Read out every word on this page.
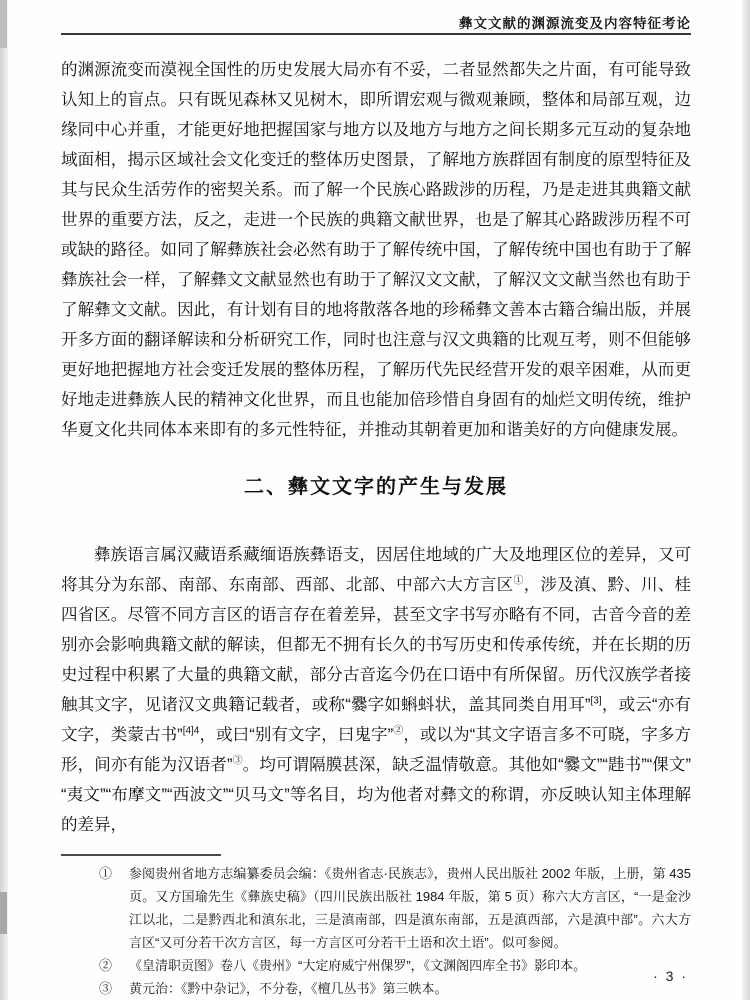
彝文文献的渊源流变及内容特征考论

的渊源流变而漠视全国性的历史发展大局亦有不妥，二者显然都失之片面，有可能导致认知上的盲点。只有既见森林又见树木，即所谓宏观与微观兼顾，整体和局部互观，边缘同中心并重，才能更好地把握国家与地方以及地方与地方之间长期多元互动的复杂地域面相，揭示区域社会文化变迁的整体历史图景，了解地方族群固有制度的原型特征及其与民众生活劳作的密契关系。而了解一个民族心路跋涉的历程，乃是走进其典籍文献世界的重要方法，反之，走进一个民族的典籍文献世界，也是了解其心路跋涉历程不可或缺的路径。如同了解彝族社会必然有助于了解传统中国，了解传统中国也有助于了解彝族社会一样，了解彝文文献显然也有助于了解汉文文献，了解汉文文献当然也有助于了解彝文文献。因此，有计划有目的地将散落各地的珍稀彝文善本古籍合编出版，并展开多方面的翻译解读和分析研究工作，同时也注意与汉文典籍的比观互考，则不但能够更好地把握地方社会变迁发展的整体历程，了解历代先民经营开发的艰辛困难，从而更好地走进彝族人民的精神文化世界，而且也能加倍珍惜自身固有的灿烂文明传统，维护华夏文化共同体本来即有的多元性特征，并推动其朝着更加和谐美好的方向健康发展。

二、彝文文字的产生与发展

彝族语言属汉藏语系藏缅语族彝语支，因居住地域的广大及地理区位的差异，又可将其分为东部、南部、东南部、西部、北部、中部六大方言区①，涉及滇、黔、川、桂四省区。尽管不同方言区的语言存在着差异，甚至文字书写亦略有不同，古音今音的差别亦会影响典籍文献的解读，但都无不拥有长久的书写历史和传承传统，并在长期的历史过程中积累了大量的典籍文献，部分古音迄今仍在口语中有所保留。历代汉族学者接触其文字，见诸汉文典籍记载者，或称“爨字如蝌蚪状，盖其同类自用耳”[3]，或云“亦有文字，类蒙古书”$^{[4]4}$，或曰“别有文字，曰鬼字”②，或以为“其文字语言多不可晓，字多方形，间亦有能为汉语者”③。均可谓隔膜甚深，缺乏温情敬意。其他如“爨文”“韪书”“倮文”“夷文”“布摩文”“西波文”“贝马文”等名目，均为他者对彝文的称谓，亦反映认知主体理解的差异，

①	参阅贵州省地方志编纂委员会编：《贵州省志·民族志》，贵州人民出版社 2002 年版，上册，第 435 页。又方国瑜先生《彝族史稿》（四川民族出版社 1984 年版，第 5 页）称六大方言区，“一是金沙江以北，二是黔西北和滇东北，三是滇南部，四是滇东南部，五是滇西部，六是滇中部”。六大方言区“又可分若干次方言区，每一方言区可分若干土语和次土语”。似可参阅。
②	《皇清职贡图》卷八《贵州》“大定府威宁州倮罗”，《文渊阁四库全书》影印本。
③	黄元治：《黔中杂记》，不分卷，《檀几丛书》第三帙本。
· 3 ·
